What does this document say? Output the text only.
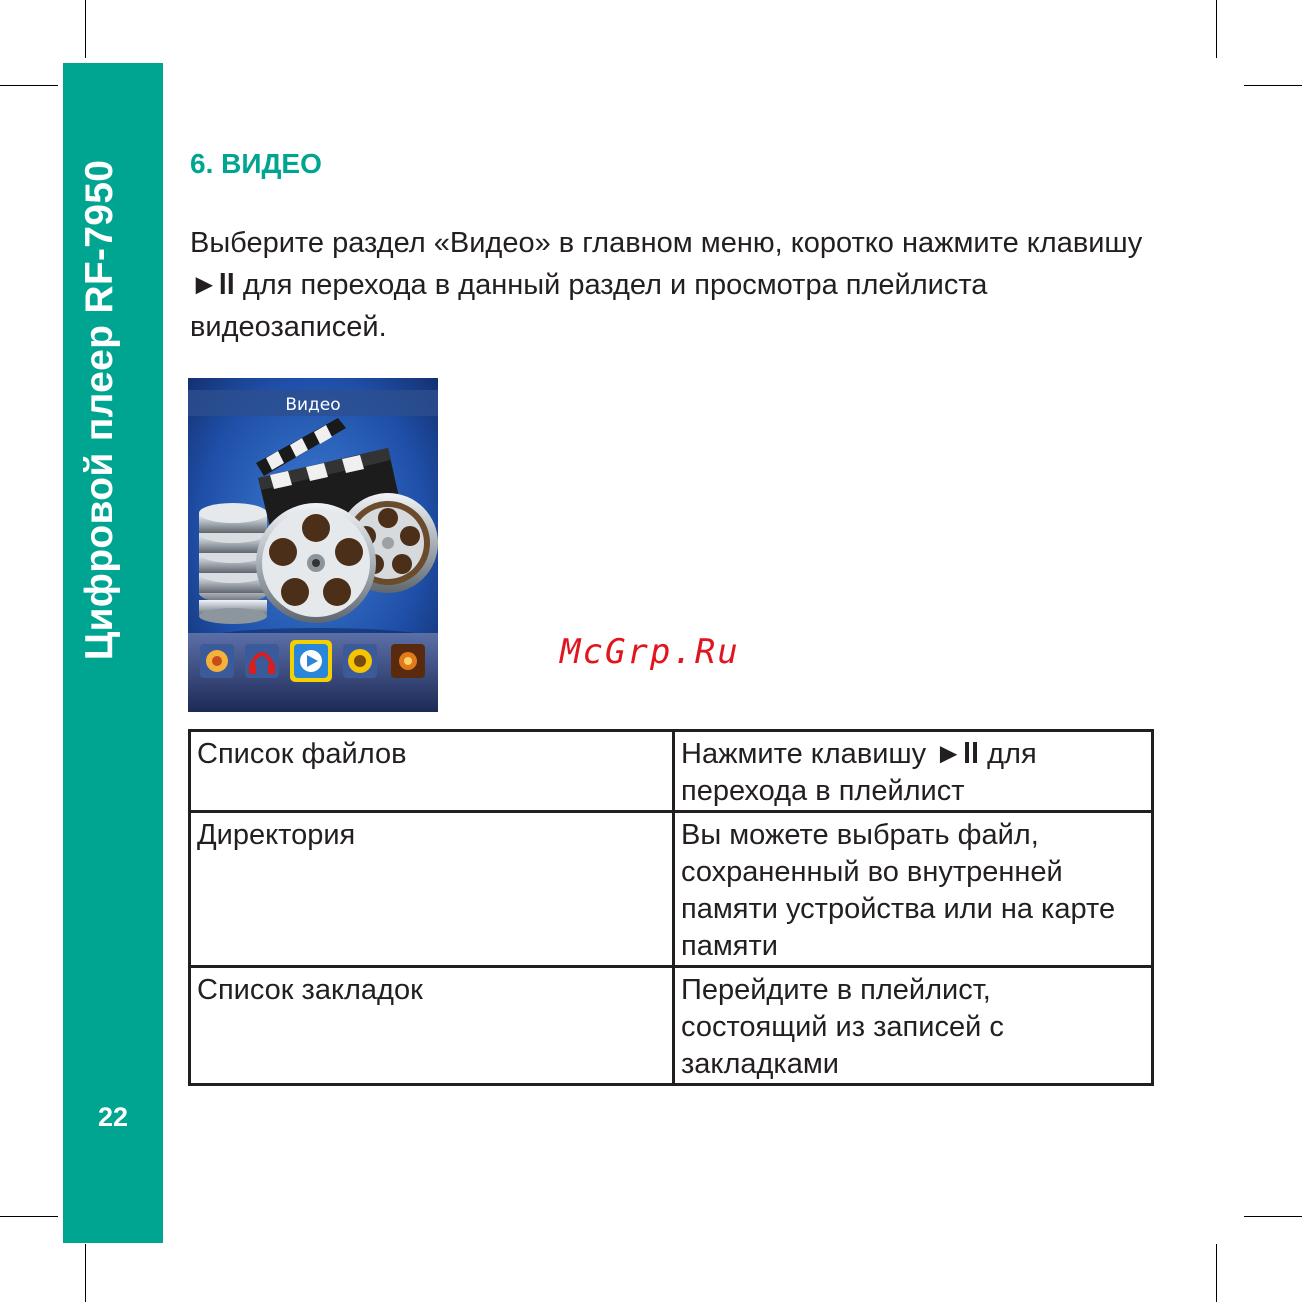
Цифровой плеер RF-7950
22
6. ВИДЕО
Выберите раздел «Видео» в главном меню, коротко нажмите клавишу ►ll для перехода в данный раздел и просмотра плейлиста видеозаписей.
Видео
McGrp.Ru
Список файлов	Нажмите клавишу ►ll для перехода в плейлист
Директория	Вы можете выбрать файл, сохраненный во внутренней памяти устройства или на карте памяти
Список закладок	Перейдите в плейлист, состоящий из записей с закладками
